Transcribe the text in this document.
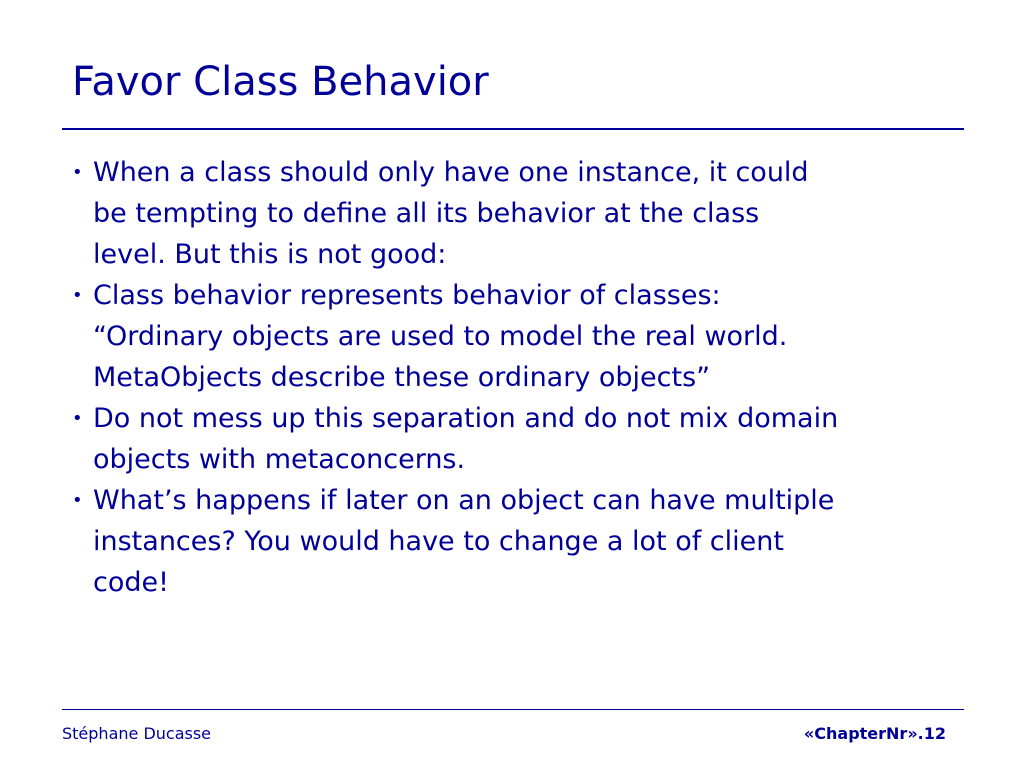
Favor Class Behavior
• When a class should only have one instance, it could
be tempting to define all its behavior at the class
level. But this is not good:
• Class behavior represents behavior of classes:
“Ordinary objects are used to model the real world.
MetaObjects describe these ordinary objects”
• Do not mess up this separation and do not mix domain
objects with metaconcerns.
• What’s happens if later on an object can have multiple
instances? You would have to change a lot of client
code!
Stéphane Ducasse	«ChapterNr».12
